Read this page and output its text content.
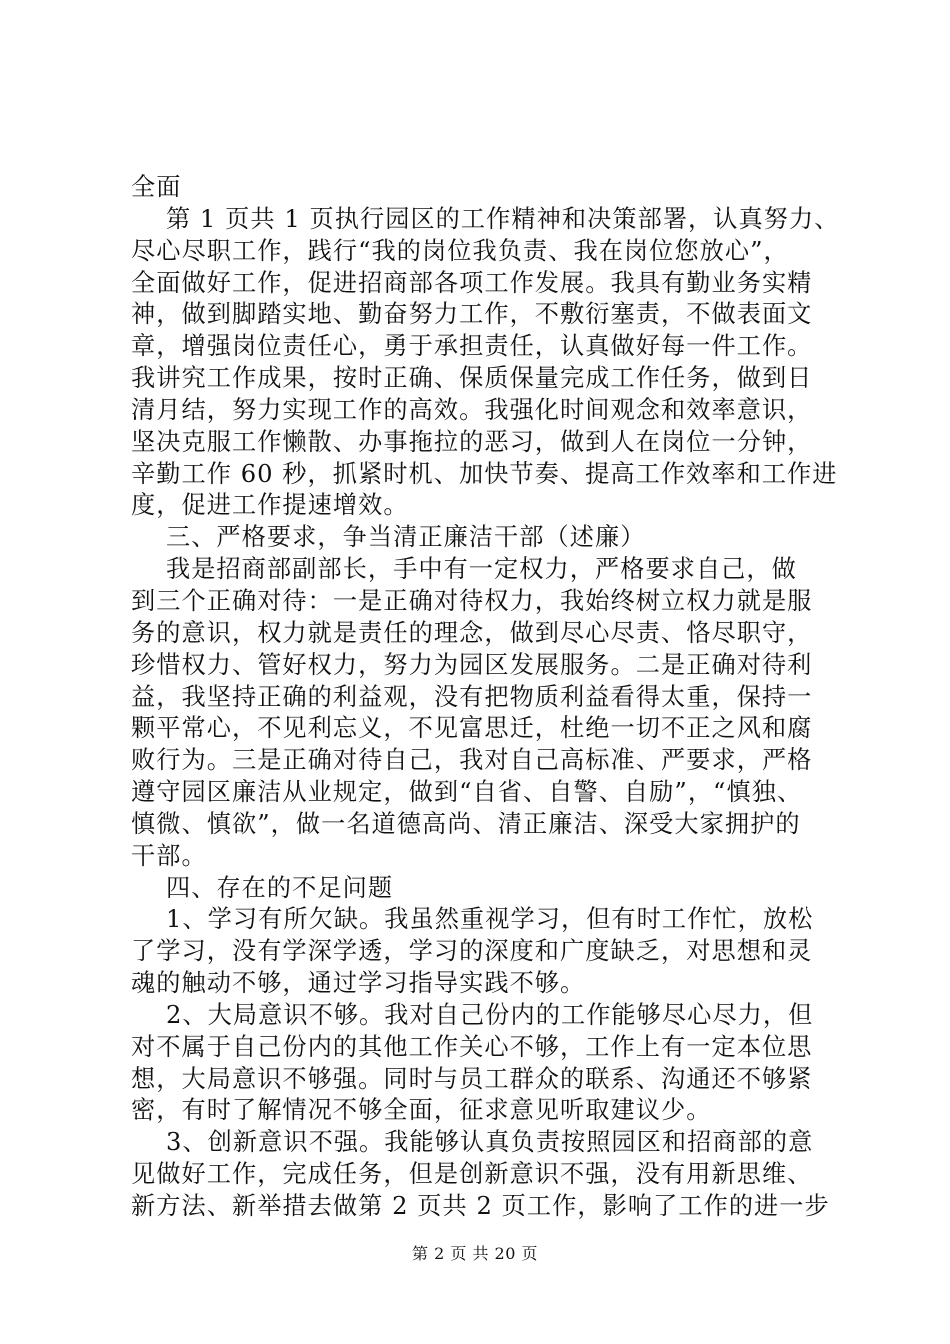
全面
第 1 页共 1 页执行园区的工作精神和决策部署，认真努力、
尽心尽职工作，践行“我的岗位我负责、我在岗位您放心”，
全面做好工作，促进招商部各项工作发展。我具有勤业务实精
神，做到脚踏实地、勤奋努力工作，不敷衍塞责，不做表面文
章，增强岗位责任心，勇于承担责任，认真做好每一件工作。
我讲究工作成果，按时正确、保质保量完成工作任务，做到日
清月结，努力实现工作的高效。我强化时间观念和效率意识，
坚决克服工作懒散、办事拖拉的恶习，做到人在岗位一分钟，
辛勤工作 60 秒，抓紧时机、加快节奏、提高工作效率和工作进
度，促进工作提速增效。
三、严格要求，争当清正廉洁干部（述廉）
我是招商部副部长，手中有一定权力，严格要求自己，做
到三个正确对待：一是正确对待权力，我始终树立权力就是服
务的意识，权力就是责任的理念，做到尽心尽责、恪尽职守，
珍惜权力、管好权力，努力为园区发展服务。二是正确对待利
益，我坚持正确的利益观，没有把物质利益看得太重，保持一
颗平常心，不见利忘义，不见富思迁，杜绝一切不正之风和腐
败行为。三是正确对待自己，我对自己高标准、严要求，严格
遵守园区廉洁从业规定，做到“自省、自警、自励”，“慎独、
慎微、慎欲”，做一名道德高尚、清正廉洁、深受大家拥护的
干部。
四、存在的不足问题
1、学习有所欠缺。我虽然重视学习，但有时工作忙，放松
了学习，没有学深学透，学习的深度和广度缺乏，对思想和灵
魂的触动不够，通过学习指导实践不够。
2、大局意识不够。我对自己份内的工作能够尽心尽力，但
对不属于自己份内的其他工作关心不够，工作上有一定本位思
想，大局意识不够强。同时与员工群众的联系、沟通还不够紧
密，有时了解情况不够全面，征求意见听取建议少。
3、创新意识不强。我能够认真负责按照园区和招商部的意
见做好工作，完成任务，但是创新意识不强，没有用新思维、
新方法、新举措去做第 2 页共 2 页工作，影响了工作的进一步
第 2 页 共 20 页
